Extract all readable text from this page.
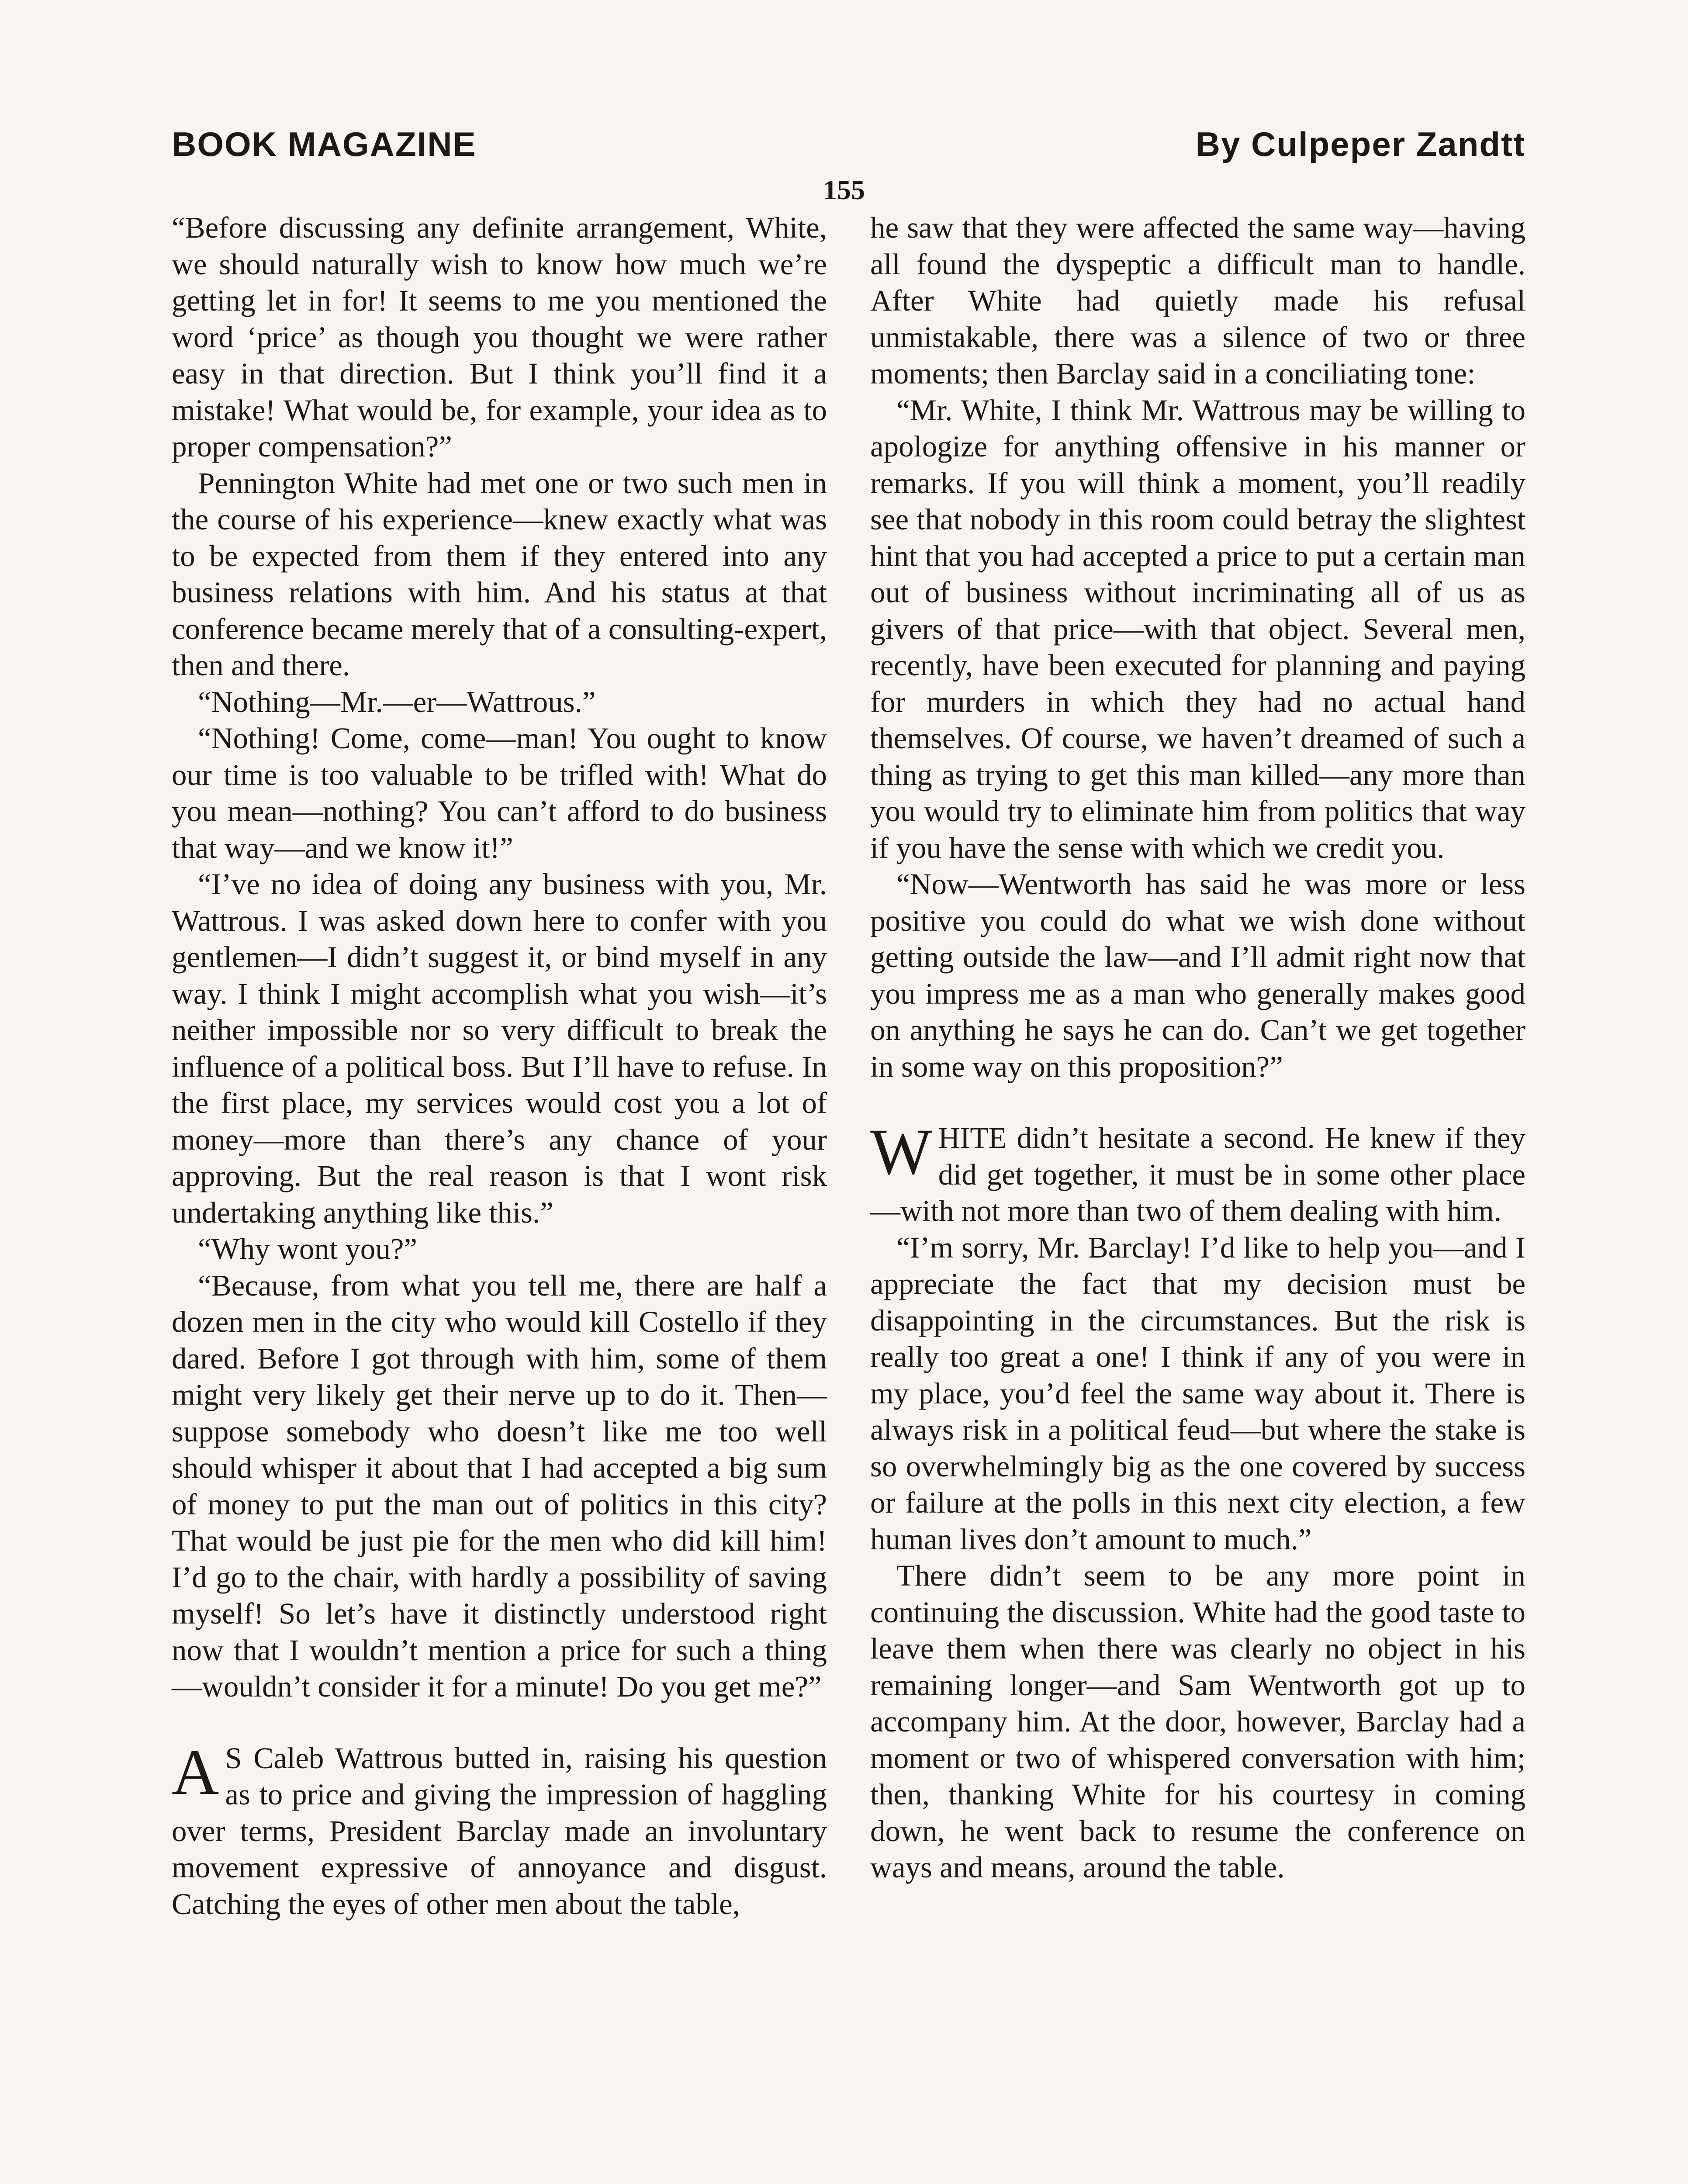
BOOK MAGAZINE	By Culpeper Zandtt
155

“Before discussing any definite arrangement, White, we should naturally wish to know how much we’re getting let in for! It seems to me you mentioned the word ‘price’ as though you thought we were rather easy in that direction. But I think you’ll find it a mistake! What would be, for example, your idea as to proper compensation?”

Pennington White had met one or two such men in the course of his experience—knew exactly what was to be expected from them if they entered into any business relations with him. And his status at that conference became merely that of a consulting-expert, then and there.

“Nothing—Mr.—er—Wattrous.”

“Nothing! Come, come—man! You ought to know our time is too valuable to be trifled with! What do you mean—nothing? You can’t afford to do business that way—and we know it!”

“I’ve no idea of doing any business with you, Mr. Wattrous. I was asked down here to confer with you gentlemen—I didn’t suggest it, or bind myself in any way. I think I might accomplish what you wish—it’s neither impossible nor so very difficult to break the influence of a political boss. But I’ll have to refuse. In the first place, my services would cost you a lot of money—more than there’s any chance of your approving. But the real reason is that I wont risk undertaking anything like this.”

“Why wont you?”

“Because, from what you tell me, there are half a dozen men in the city who would kill Costello if they dared. Before I got through with him, some of them might very likely get their nerve up to do it. Then—suppose somebody who doesn’t like me too well should whisper it about that I had accepted a big sum of money to put the man out of politics in this city? That would be just pie for the men who did kill him! I’d go to the chair, with hardly a possibility of saving myself! So let’s have it distinctly understood right now that I wouldn’t mention a price for such a thing—wouldn’t consider it for a minute! Do you get me?”

A S Caleb Wattrous butted in, raising his question as to price and giving the impression of haggling over terms, President Barclay made an involuntary movement expressive of annoyance and disgust. Catching the eyes of other men about the table,

he saw that they were affected the same way—having all found the dyspeptic a difficult man to handle. After White had quietly made his refusal unmistakable, there was a silence of two or three moments; then Barclay said in a conciliating tone:

“Mr. White, I think Mr. Wattrous may be willing to apologize for anything offensive in his manner or remarks. If you will think a moment, you’ll readily see that nobody in this room could betray the slightest hint that you had accepted a price to put a certain man out of business without incriminating all of us as givers of that price—with that object. Several men, recently, have been executed for planning and paying for murders in which they had no actual hand themselves. Of course, we haven’t dreamed of such a thing as trying to get this man killed—any more than you would try to eliminate him from politics that way if you have the sense with which we credit you.

“Now—Wentworth has said he was more or less positive you could do what we wish done without getting outside the law—and I’ll admit right now that you impress me as a man who generally makes good on anything he says he can do. Can’t we get together in some way on this proposition?”

WHITE didn’t hesitate a second. He knew if they did get together, it must be in some other place—with not more than two of them dealing with him.

“I’m sorry, Mr. Barclay! I’d like to help you—and I appreciate the fact that my decision must be disappointing in the circumstances. But the risk is really too great a one! I think if any of you were in my place, you’d feel the same way about it. There is always risk in a political feud—but where the stake is so overwhelmingly big as the one covered by success or failure at the polls in this next city election, a few human lives don’t amount to much.”

There didn’t seem to be any more point in continuing the discussion. White had the good taste to leave them when there was clearly no object in his remaining longer—and Sam Wentworth got up to accompany him. At the door, however, Barclay had a moment or two of whispered conversation with him; then, thanking White for his courtesy in coming down, he went back to resume the conference on ways and means, around the table.
